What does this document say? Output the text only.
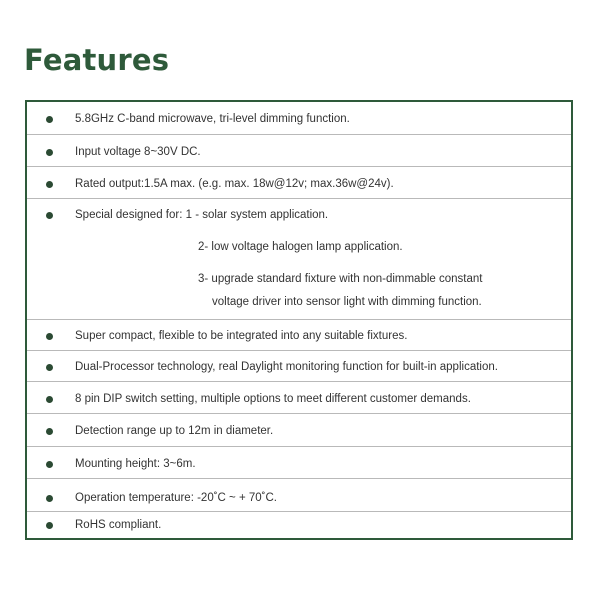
Features
5.8GHz C-band microwave, tri-level dimming function.
Input voltage 8~30V DC.
Rated output:1.5A max. (e.g. max. 18w@12v; max.36w@24v).
Special designed for: 1 - solar system application.
2- low voltage halogen lamp application.
3- upgrade standard fixture with non-dimmable constant
voltage driver into sensor light with dimming function.
Super compact, flexible to be integrated into any suitable fixtures.
Dual-Processor technology, real Daylight monitoring function for built-in application.
8 pin DIP switch setting, multiple options to meet different customer demands.
Detection range up to 12m in diameter.
Mounting height: 3~6m.
Operation temperature: -20˚C ~ + 70˚C.
RoHS compliant.
